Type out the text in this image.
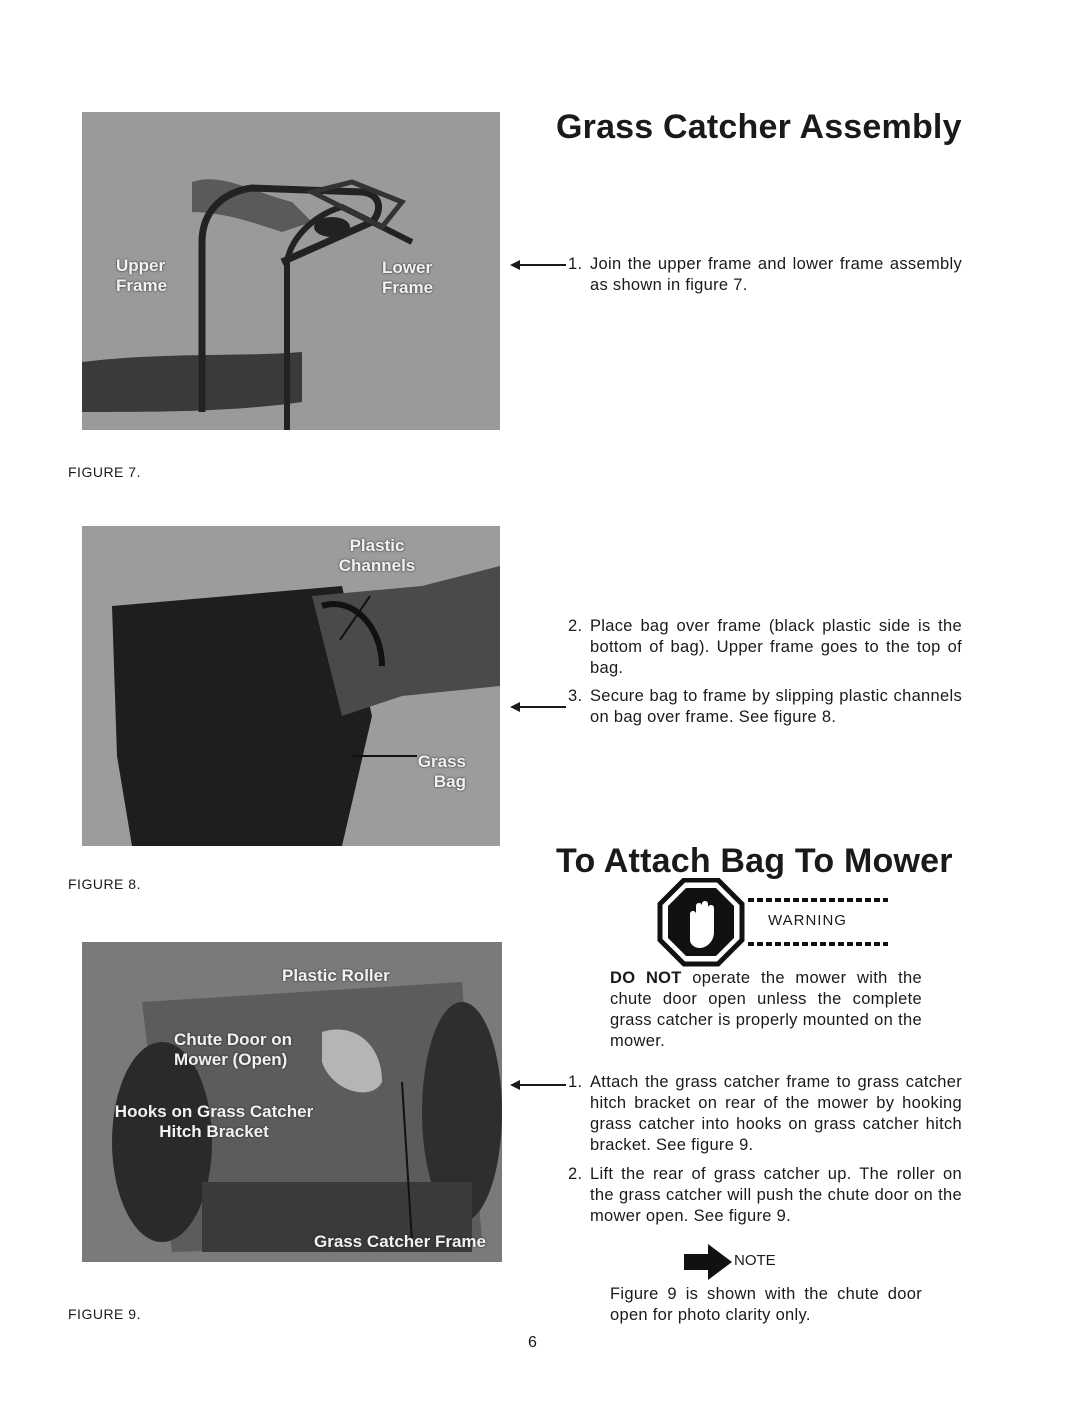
Upper Frame
Lower Frame
FIGURE 7.
Plastic Channels
Grass Bag
FIGURE 8.
Plastic Roller
Chute Door on Mower (Open)
Hooks on Grass Catcher Hitch Bracket
Grass Catcher Frame
FIGURE 9.
Grass Catcher Assembly
1. Join the upper frame and lower frame assembly as shown in figure 7.
2. Place bag over frame (black plastic side is the bottom of bag). Upper frame goes to the top of bag.
3. Secure bag to frame by slipping plastic channels on bag over frame. See figure 8.
To Attach Bag To Mower
WARNING
DO NOT operate the mower with the chute door open unless the complete grass catcher is properly mounted on the mower.
1. Attach the grass catcher frame to grass catcher hitch bracket on rear of the mower by hooking grass catcher into hooks on grass catcher hitch bracket. See figure 9.
2. Lift the rear of grass catcher up. The roller on the grass catcher will push the chute door on the mower open. See figure 9.
NOTE
Figure 9 is shown with the chute door open for photo clarity only.
6
